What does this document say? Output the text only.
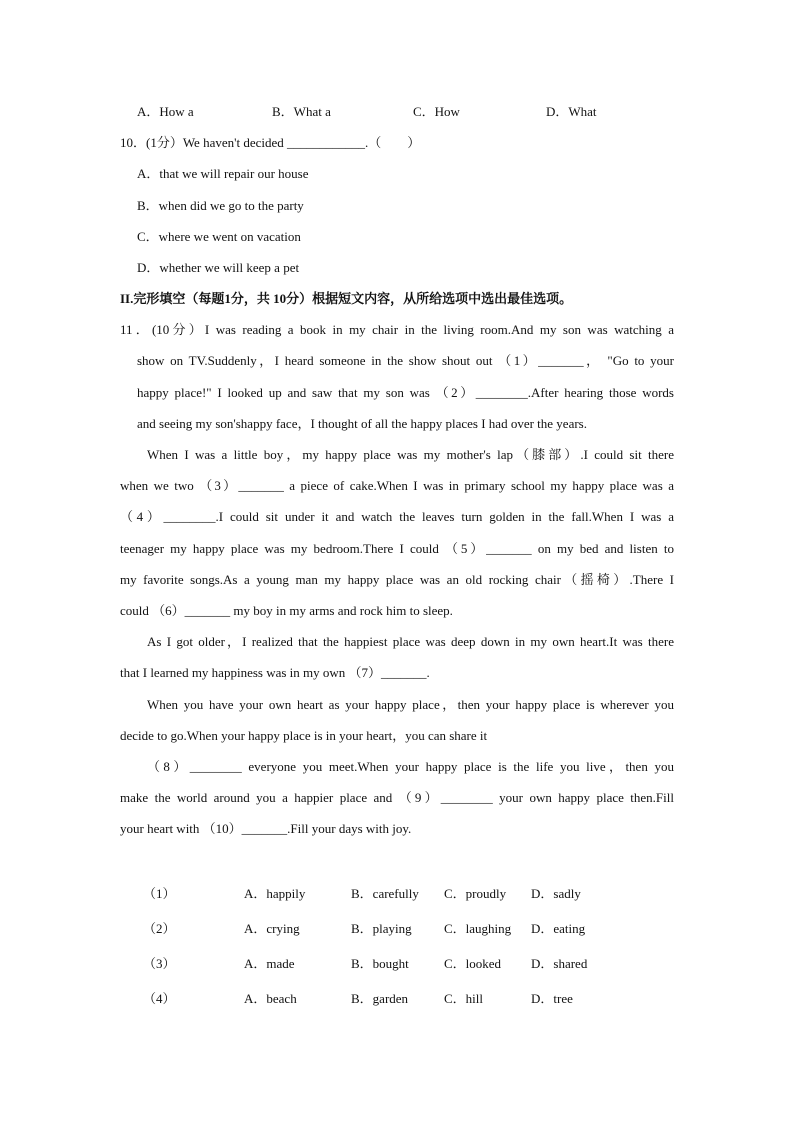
A．How a	B．What a	C．How	D．What
10．(1分）We haven't decided ____________.（　　）
A．that we will repair our house
B．when did we go to the party
C．where we went on vacation
D．whether we will keep a pet
II.完形填空（每题1分，共 10分）根据短文内容，从所给选项中选出最佳选项。
11．(10分）I was reading a book in my chair in the living room.And my son was watching a
show on TV.Suddenly，I heard someone in the show shout out （1）_______， "Go to your
happy place!" I looked up and saw that my son was （2）________.After hearing those words
and seeing my son'shappy face，I thought of all the happy places I had over the years.
When I was a little boy，my happy place was my mother's lap（膝部）.I could sit there
when we two （3）_______ a piece of cake.When I was in primary school my happy place was a
（4）________.I could sit under it and watch the leaves turn golden in the fall.When I was a
teenager my happy place was my bedroom.There I could （5）_______ on my bed and listen to
my favorite songs.As a young man my happy place was an old rocking chair（摇椅）.There I
could （6）_______ my boy in my arms and rock him to sleep.
As I got older，I realized that the happiest place was deep down in my own heart.It was there
that I learned my happiness was in my own （7）_______.
When you have your own heart as your happy place，then your happy place is wherever you
decide to go.When your happy place is in your heart，you can share it
（8）________ everyone you meet.When your happy place is the life you live，then you
make the world around you a happier place and （9）________ your own happy place then.Fill
your heart with （10）_______.Fill your days with joy.
（1）	A．happily	B．carefully C．proudly D．sadly
（2）	A．crying	B．playing C．laughing D．eating
（3）	A．made	B．bought	C．looked D．shared
（4）	A．beach	B．garden	C．hill	D．tree
